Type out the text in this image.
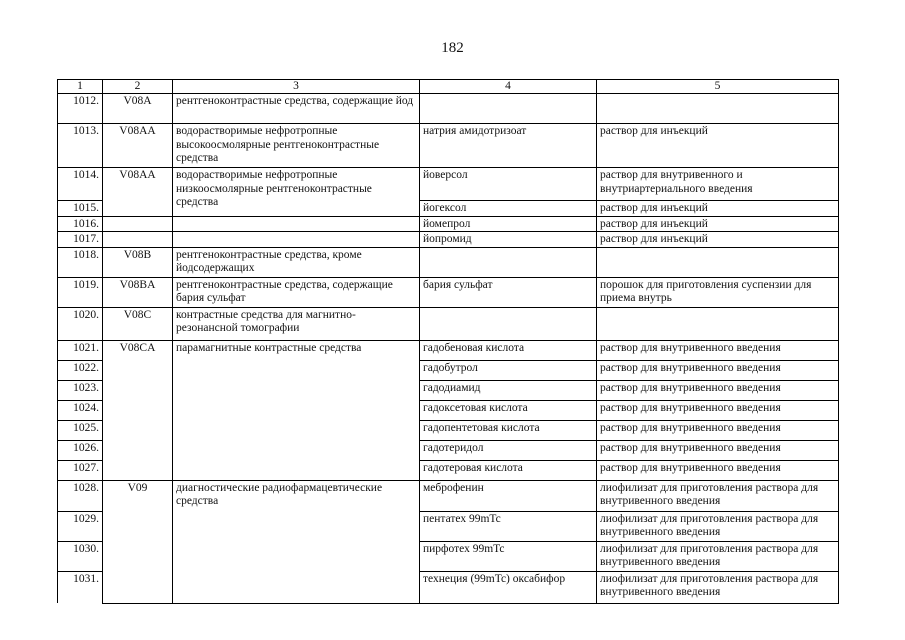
182
1	2	3	4	5
1012.	V08A	рентгеноконтрастные средства, содержащие йод		
1013.	V08AA	водорастворимые нефротропные высокоосмолярные рентгеноконтрастные средства	натрия амидотризоат	раствор для инъекций
1014.	V08AA	водорастворимые нефротропные низкоосмолярные рентгеноконтрастные средства	йоверсол	раствор для внутривенного и внутриартериального введения
1015.			йогексол	раствор для инъекций
1016.			йомепрол	раствор для инъекций
1017.			йопромид	раствор для инъекций
1018.	V08B	рентгеноконтрастные средства, кроме йодсодержащих		
1019.	V08BA	рентгеноконтрастные средства, содержащие бария сульфат	бария сульфат	порошок для приготовления суспензии для приема внутрь
1020.	V08C	контрастные средства для магнитно-резонансной томографии		
1021.	V08CA	парамагнитные контрастные средства	гадобеновая кислота	раствор для внутривенного введения
1022.			гадобутрол	раствор для внутривенного введения
1023.			гадодиамид	раствор для внутривенного введения
1024.			гадоксетовая кислота	раствор для внутривенного введения
1025.			гадопентетовая кислота	раствор для внутривенного введения
1026.			гадотеридол	раствор для внутривенного введения
1027.			гадотеровая кислота	раствор для внутривенного введения
1028.	V09	диагностические радиофармацевтические средства	меброфенин	лиофилизат для приготовления раствора для внутривенного введения
1029.			пентатех 99mTc	лиофилизат для приготовления раствора для внутривенного введения
1030.			пирфотех 99mTc	лиофилизат для приготовления раствора для внутривенного введения
1031.			технеция (99mTc) оксабифор	лиофилизат для приготовления раствора для внутривенного введения
